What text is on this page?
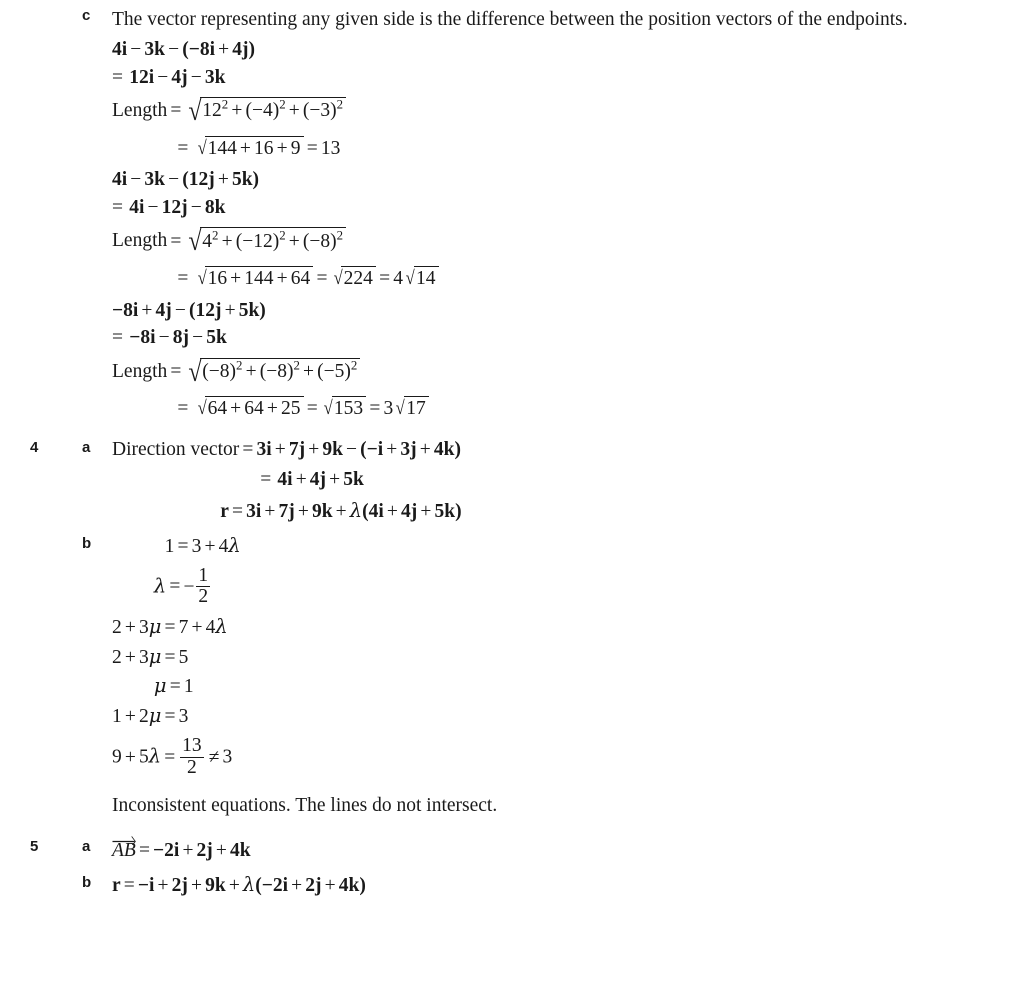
c	The vector representing any given side is the difference between the position vectors of the endpoints.
4i − 3k − (−8i + 4j)
= 12i − 4j − 3k
Length = $√12^2 + (-4)^2 + (-3)^2$
= √144 + 16 + 9 = 13
4i − 3k − (12j + 5k)
= 4i − 12j − 8k
Length = $√4^2 + (-12)^2 + (-8)^2$
= √16 + 144 + 64 = √224 = 4 √14
−8i + 4j − (12j + 5k)
= −8i − 8j − 5k
Length = $√(-8)^2 + (-8)^2 + (-5)^2$
= √64 + 64 + 25 = √153 = 3 √17
4	a	Direction vector = 3i + 7j + 9k − (−i + 3j + 4k)
= 4i + 4j + 5k
r = 3i + 7j + 9k + λ(4i + 4j + 5k)
b	1 = 3 + 4λ
λ = − $\frac{1}{2}$
2 + 3μ = 7 + 4λ
2 + 3μ = 5
μ = 1
1 + 2μ = 3
$9 + 5\lambda = \frac{13}{2} \ne 3$
Inconsistent equations. The lines do not intersect.
5	a	AB = −2i + 2j + 4k
b	r = −i + 2j + 9k + λ(−2i + 2j + 4k)
